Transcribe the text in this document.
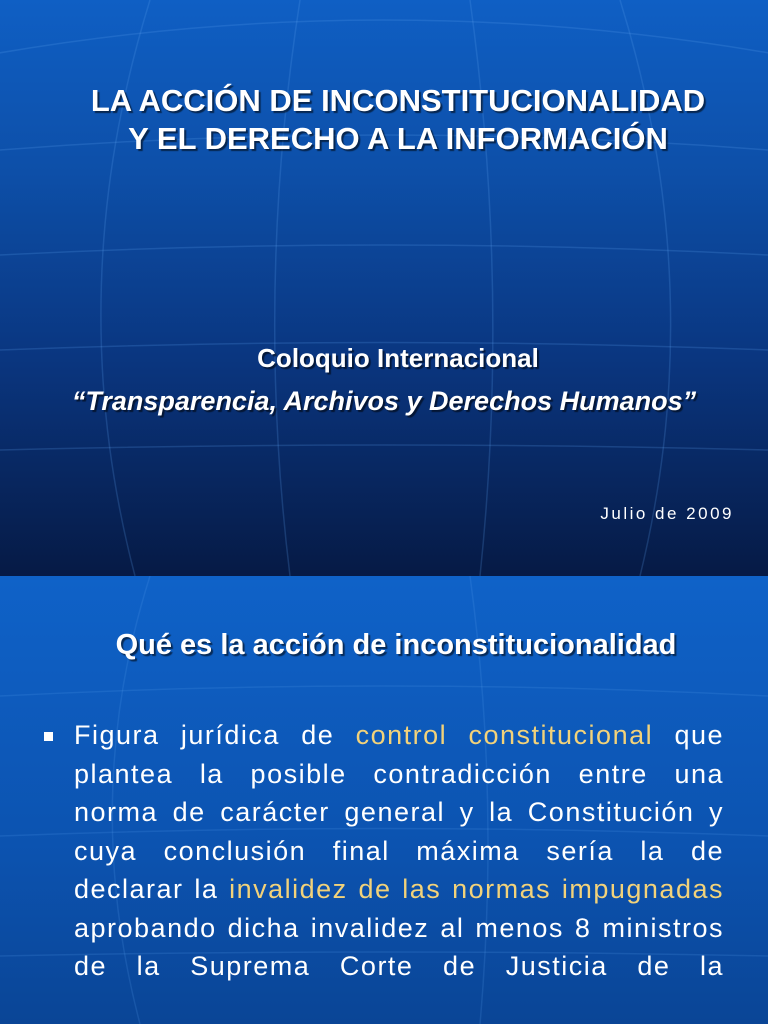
LA ACCIÓN DE INCONSTITUCIONALIDAD
Y EL DERECHO A LA INFORMACIÓN
Coloquio Internacional
“Transparencia, Archivos y Derechos Humanos”
Julio de 2009
Qué es la acción de inconstitucionalidad

Figura jurídica de control constitucional que plantea la posible contradicción entre una norma de carácter general y la Constitución y cuya conclusión final máxima sería la de declarar la invalidez de las normas impugnadas aprobando dicha invalidez al menos 8 ministros de la Suprema Corte de Justicia de la
